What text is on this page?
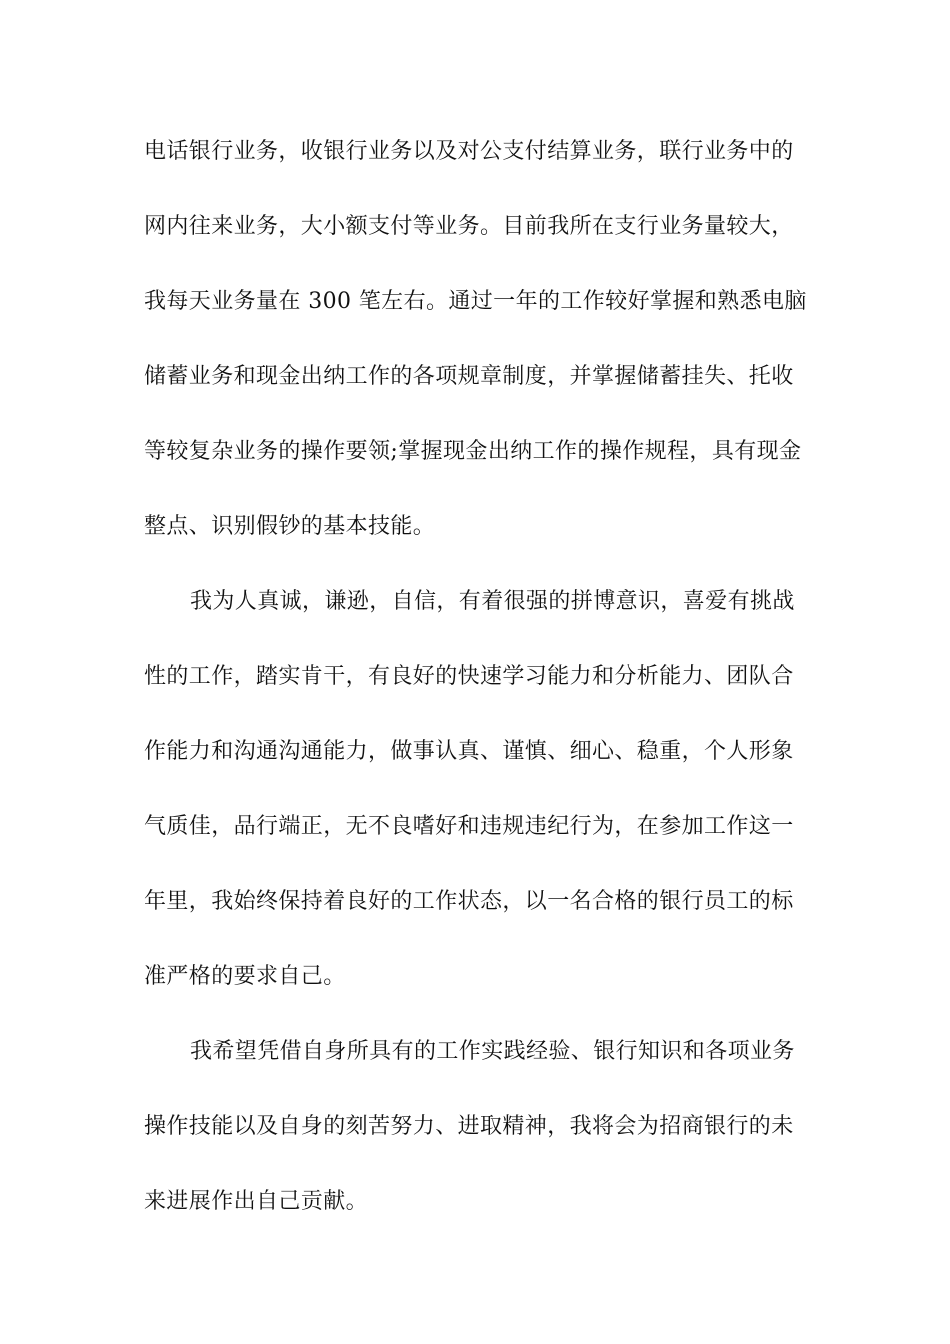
电话银行业务，收银行业务以及对公支付结算业务，联行业务中的
网内往来业务，大小额支付等业务。目前我所在支行业务量较大，
我每天业务量在 300 笔左右。通过一年的工作较好掌握和熟悉电脑
储蓄业务和现金出纳工作的各项规章制度，并掌握储蓄挂失、托收
等较复杂业务的操作要领;掌握现金出纳工作的操作规程，具有现金
整点、识别假钞的基本技能。
我为人真诚，谦逊，自信，有着很强的拼博意识，喜爱有挑战
性的工作，踏实肯干，有良好的快速学习能力和分析能力、团队合
作能力和沟通沟通能力，做事认真、谨慎、细心、稳重，个人形象
气质佳，品行端正，无不良嗜好和违规违纪行为，在参加工作这一
年里，我始终保持着良好的工作状态，以一名合格的银行员工的标
准严格的要求自己。
我希望凭借自身所具有的工作实践经验、银行知识和各项业务
操作技能以及自身的刻苦努力、进取精神，我将会为招商银行的未
来进展作出自己贡献。
